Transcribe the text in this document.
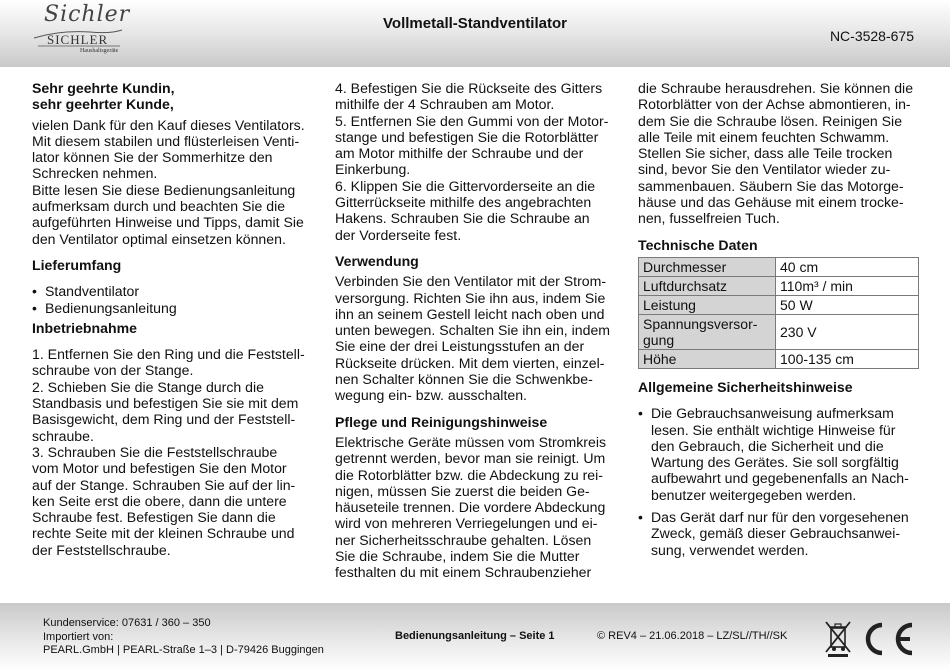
Sichler
SICHLER
Haushaltsgeräte
Vollmetall-Standventilator
NC-3528-675
Sehr geehrte Kundin,
sehr geehrter Kunde,

vielen Dank für den Kauf dieses Ventilators.

Mit diesem stabilen und flüsterleisen Venti-

lator können Sie der Sommerhitze den

Schrecken nehmen.

Bitte lesen Sie diese Bedienungsanleitung

aufmerksam durch und beachten Sie die

aufgeführten Hinweise und Tipps, damit Sie

den Ventilator optimal einsetzen können.

Lieferumfang
• Standventilator
• Bedienungsanleitung
Inbetriebnahme

1. Entfernen Sie den Ring und die Feststell-

schraube von der Stange.

2. Schieben Sie die Stange durch die

Standbasis und befestigen Sie sie mit dem

Basisgewicht, dem Ring und der Feststell-

schraube.

3. Schrauben Sie die Feststellschraube

vom Motor und befestigen Sie den Motor

auf der Stange. Schrauben Sie auf der lin-

ken Seite erst die obere, dann die untere

Schraube fest. Befestigen Sie dann die

rechte Seite mit der kleinen Schraube und

der Feststellschraube.

4. Befestigen Sie die Rückseite des Gitters

mithilfe der 4 Schrauben am Motor.

5. Entfernen Sie den Gummi von der Motor-

stange und befestigen Sie die Rotorblätter

am Motor mithilfe der Schraube und der

Einkerbung.

6. Klippen Sie die Gittervorderseite an die

Gitterrückseite mithilfe des angebrachten

Hakens. Schrauben Sie die Schraube an

der Vorderseite fest.

Verwendung

Verbinden Sie den Ventilator mit der Strom-

versorgung. Richten Sie ihn aus, indem Sie

ihn an seinem Gestell leicht nach oben und

unten bewegen. Schalten Sie ihn ein, indem

Sie eine der drei Leistungsstufen an der

Rückseite drücken. Mit dem vierten, einzel-

nen Schalter können Sie die Schwenkbe-

wegung ein- bzw. ausschalten.

Pflege und Reinigungshinweise

Elektrische Geräte müssen vom Stromkreis

getrennt werden, bevor man sie reinigt. Um

die Rotorblätter bzw. die Abdeckung zu rei-

nigen, müssen Sie zuerst die beiden Ge-

häuseteile trennen. Die vordere Abdeckung

wird von mehreren Verriegelungen und ei-

ner Sicherheitsschraube gehalten. Lösen

Sie die Schraube, indem Sie die Mutter

festhalten du mit einem Schraubenzieher

die Schraube herausdrehen. Sie können die

Rotorblätter von der Achse abmontieren, in-

dem Sie die Schraube lösen. Reinigen Sie

alle Teile mit einem feuchten Schwamm.

Stellen Sie sicher, dass alle Teile trocken

sind, bevor Sie den Ventilator wieder zu-

sammenbauen. Säubern Sie das Motorge-

häuse und das Gehäuse mit einem trocke-

nen, fusselfreien Tuch.

Technische Daten
Durchmesser	40 cm
Luftdurchsatz	110m³ / min
Leistung	50 W
Spannungsversor-
gung	230 V
Höhe	100-135 cm
Allgemeine Sicherheitshinweise
• Die Gebrauchsanweisung aufmerksam
lesen. Sie enthält wichtige Hinweise für
den Gebrauch, die Sicherheit und die
Wartung des Gerätes. Sie soll sorgfältig
aufbewahrt und gegebenenfalls an Nach-
benutzer weitergegeben werden.
• Das Gerät darf nur für den vorgesehenen
Zweck, gemäß dieser Gebrauchsanwei-
sung, verwendet werden.
Kundenservice: 07631 / 360 – 350
Importiert von:
PEARL.GmbH | PEARL-Straße 1–3 | D-79426 Buggingen
Bedienungsanleitung – Seite 1	© REV4 – 21.06.2018 – LZ/SL//TH//SK
